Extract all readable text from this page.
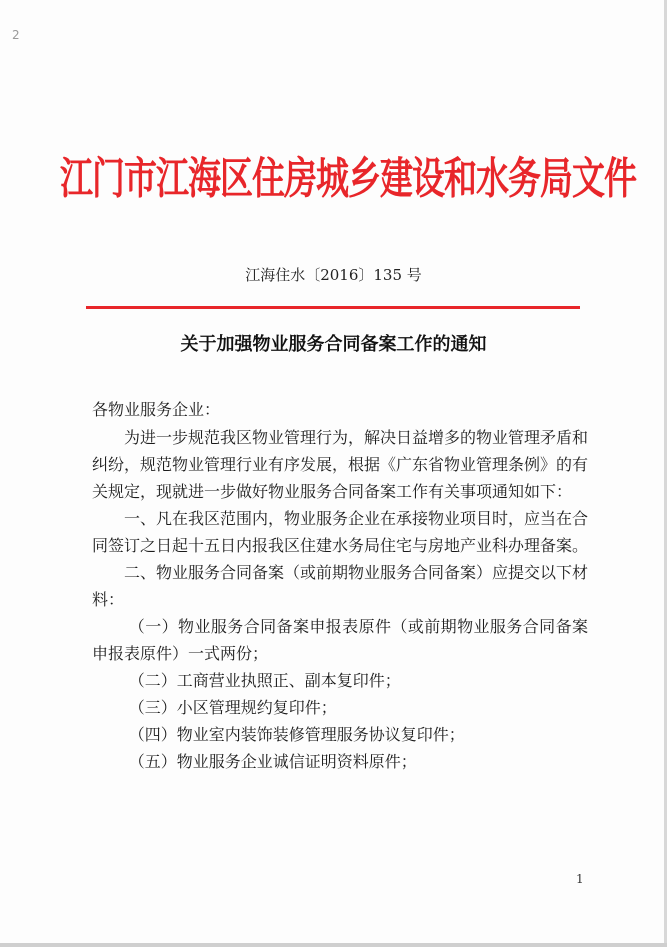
2
江门市江海区住房城乡建设和水务局文件
江海住水〔2016〕135 号
关于加强物业服务合同备案工作的通知

各物业服务企业：

为进一步规范我区物业管理行为，解决日益增多的物业管理矛盾和纠纷，规范物业管理行业有序发展，根据《广东省物业管理条例》的有关规定，现就进一步做好物业服务合同备案工作有关事项通知如下：

一、凡在我区范围内，物业服务企业在承接物业项目时，应当在合同签订之日起十五日内报我区住建水务局住宅与房地产业科办理备案。

二、物业服务合同备案（或前期物业服务合同备案）应提交以下材料：

（一）物业服务合同备案申报表原件（或前期物业服务合同备案申报表原件）一式两份；

（二）工商营业执照正、副本复印件；

（三）小区管理规约复印件；

（四）物业室内装饰装修管理服务协议复印件；

（五）物业服务企业诚信证明资料原件；

1
